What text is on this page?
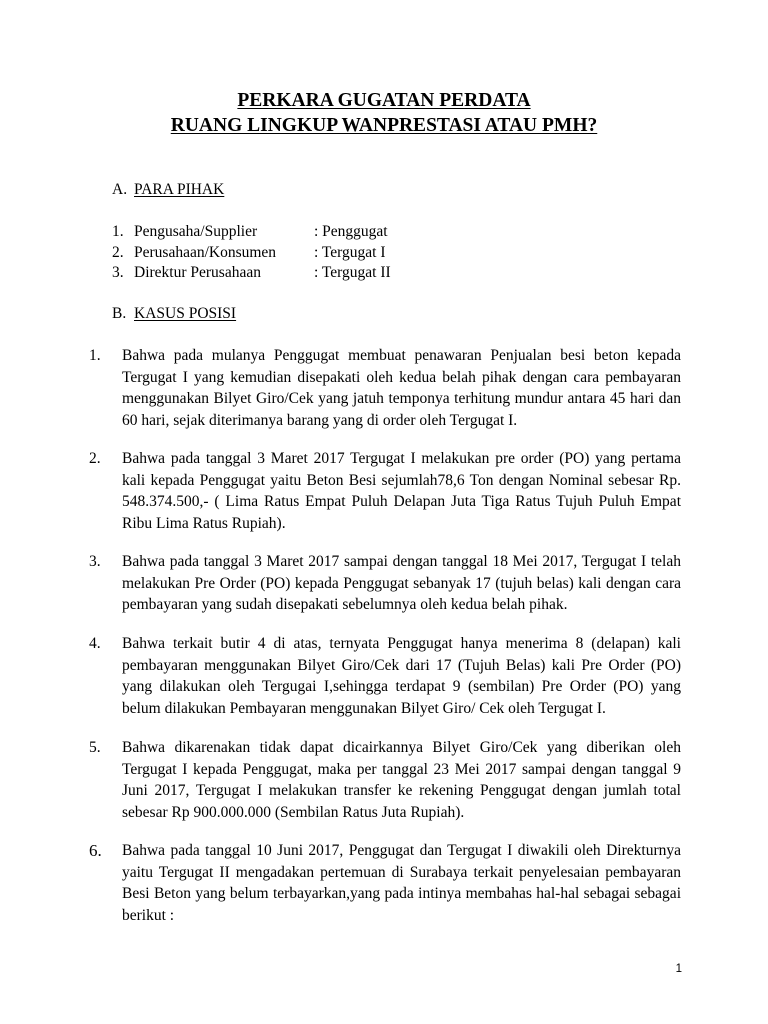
PERKARA GUGATAN PERDATA
RUANG LINGKUP WANPRESTASI ATAU PMH?
A. PARA PIHAK
1. Pengusaha/Supplier	: Penggugat
2. Perusahaan/Konsumen : Tergugat I
3. Direktur Perusahaan	: Tergugat II
B. KASUS POSISI
1. Bahwa pada mulanya Penggugat membuat penawaran Penjualan besi beton kepada Tergugat I yang kemudian disepakati oleh kedua belah pihak dengan cara pembayaran menggunakan Bilyet Giro/Cek yang jatuh temponya terhitung mundur antara 45 hari dan 60 hari, sejak diterimanya barang yang di order oleh Tergugat I.
2. Bahwa pada tanggal 3 Maret 2017 Tergugat I melakukan pre order (PO) yang pertama kali kepada Penggugat yaitu Beton Besi sejumlah78,6 Ton dengan Nominal sebesar Rp. 548.374.500,- ( Lima Ratus Empat Puluh Delapan Juta Tiga Ratus Tujuh Puluh Empat Ribu Lima Ratus Rupiah).
3. Bahwa pada tanggal 3 Maret 2017 sampai dengan tanggal 18 Mei 2017, Tergugat I telah melakukan Pre Order (PO) kepada Penggugat sebanyak 17 (tujuh belas) kali dengan cara pembayaran yang sudah disepakati sebelumnya oleh kedua belah pihak.
4. Bahwa terkait butir 4 di atas, ternyata Penggugat hanya menerima 8 (delapan) kali pembayaran menggunakan Bilyet Giro/Cek dari 17 (Tujuh Belas) kali Pre Order (PO) yang dilakukan oleh Tergugai I,sehingga terdapat 9 (sembilan) Pre Order (PO) yang belum dilakukan Pembayaran menggunakan Bilyet Giro/ Cek oleh Tergugat I.
5. Bahwa dikarenakan tidak dapat dicairkannya Bilyet Giro/Cek yang diberikan oleh Tergugat I kepada Penggugat, maka per tanggal 23 Mei 2017 sampai dengan tanggal 9 Juni 2017, Tergugat I melakukan transfer ke rekening Penggugat dengan jumlah total sebesar Rp 900.000.000 (Sembilan Ratus Juta Rupiah).
6. Bahwa pada tanggal 10 Juni 2017, Penggugat dan Tergugat I diwakili oleh Direkturnya yaitu Tergugat II mengadakan pertemuan di Surabaya terkait penyelesaian pembayaran Besi Beton yang belum terbayarkan,yang pada intinya membahas hal-hal sebagai sebagai berikut :
1
